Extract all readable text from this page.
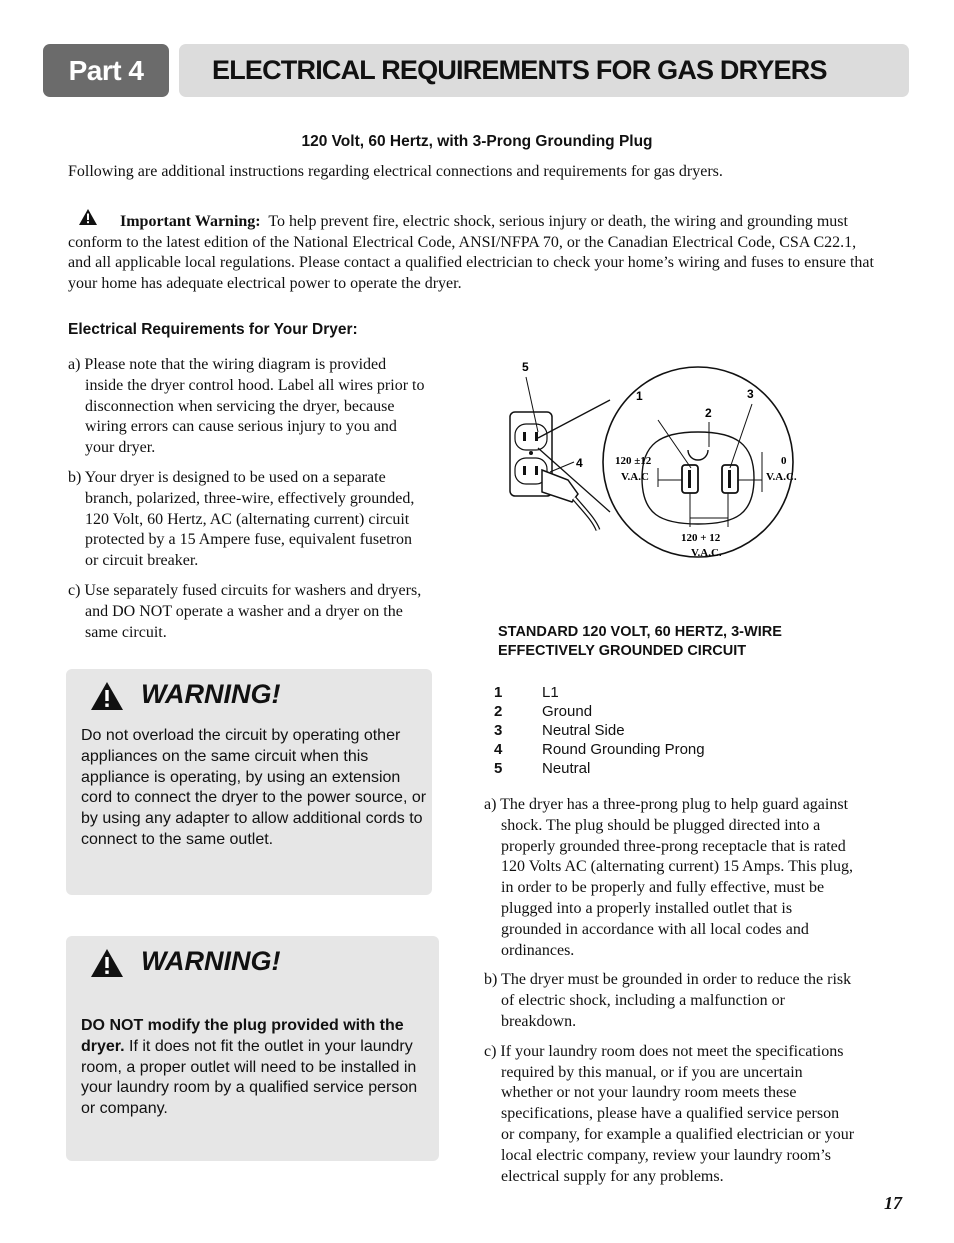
Part 4	ELECTRICAL REQUIREMENTS FOR GAS DRYERS
120 Volt, 60 Hertz, with 3-Prong Grounding Plug
Following are additional instructions regarding electrical connections and requirements for gas dryers.
Important Warning: To help prevent fire, electric shock, serious injury or death, the wiring and grounding must conform to the latest edition of the National Electrical Code, ANSI/NFPA 70, or the Canadian Electrical Code, CSA C22.1, and all applicable local regulations. Please contact a qualified electrician to check your home’s wiring and fuses to ensure that your home has adequate electrical power to operate the dryer.
Electrical Requirements for Your Dryer:
a) Please note that the wiring diagram is provided inside the dryer control hood. Label all wires prior to disconnection when servicing the dryer, because wiring errors can cause serious injury to you and your dryer.
b) Your dryer is designed to be used on a separate branch, polarized, three-wire, effectively grounded, 120 Volt, 60 Hertz, AC (alternating current) circuit protected by a 15 Ampere fuse, equivalent fusetron or circuit breaker.
c) Use separately fused circuits for washers and dryers, and DO NOT operate a washer and a dryer on the same circuit.
WARNING!
Do not overload the circuit by operating other appliances on the same circuit when this appliance is operating, by using an extension cord to connect the dryer to the power source, or by using any adapter to allow additional cords to connect to the same outlet.
WARNING!
DO NOT modify the plug provided with the dryer. If it does not fit the outlet in your laundry room, a proper outlet will need to be installed in your laundry room by a qualified service person or company.
5
4
1
2
3
120 ±12
V.A.C
0
V.A.C.
120 + 12
V.A.C.
STANDARD 120 VOLT, 60 HERTZ, 3-WIRE
EFFECTIVELY GROUNDED CIRCUIT
1	L1
2	Ground
3	Neutral Side
4	Round Grounding Prong
5	Neutral
a) The dryer has a three-prong plug to help guard against shock. The plug should be plugged directed into a properly grounded three-prong receptacle that is rated 120 Volts AC (alternating current) 15 Amps. This plug, in order to be properly and fully effective, must be plugged into a properly installed outlet that is grounded in accordance with all local codes and ordinances.
b) The dryer must be grounded in order to reduce the risk of electric shock, including a malfunction or breakdown.
c) If your laundry room does not meet the specifications required by this manual, or if you are uncertain whether or not your laundry room meets these specifications, please have a qualified service person or company, for example a qualified electrician or your local electric company, review your laundry room’s electrical supply for any problems.
17
